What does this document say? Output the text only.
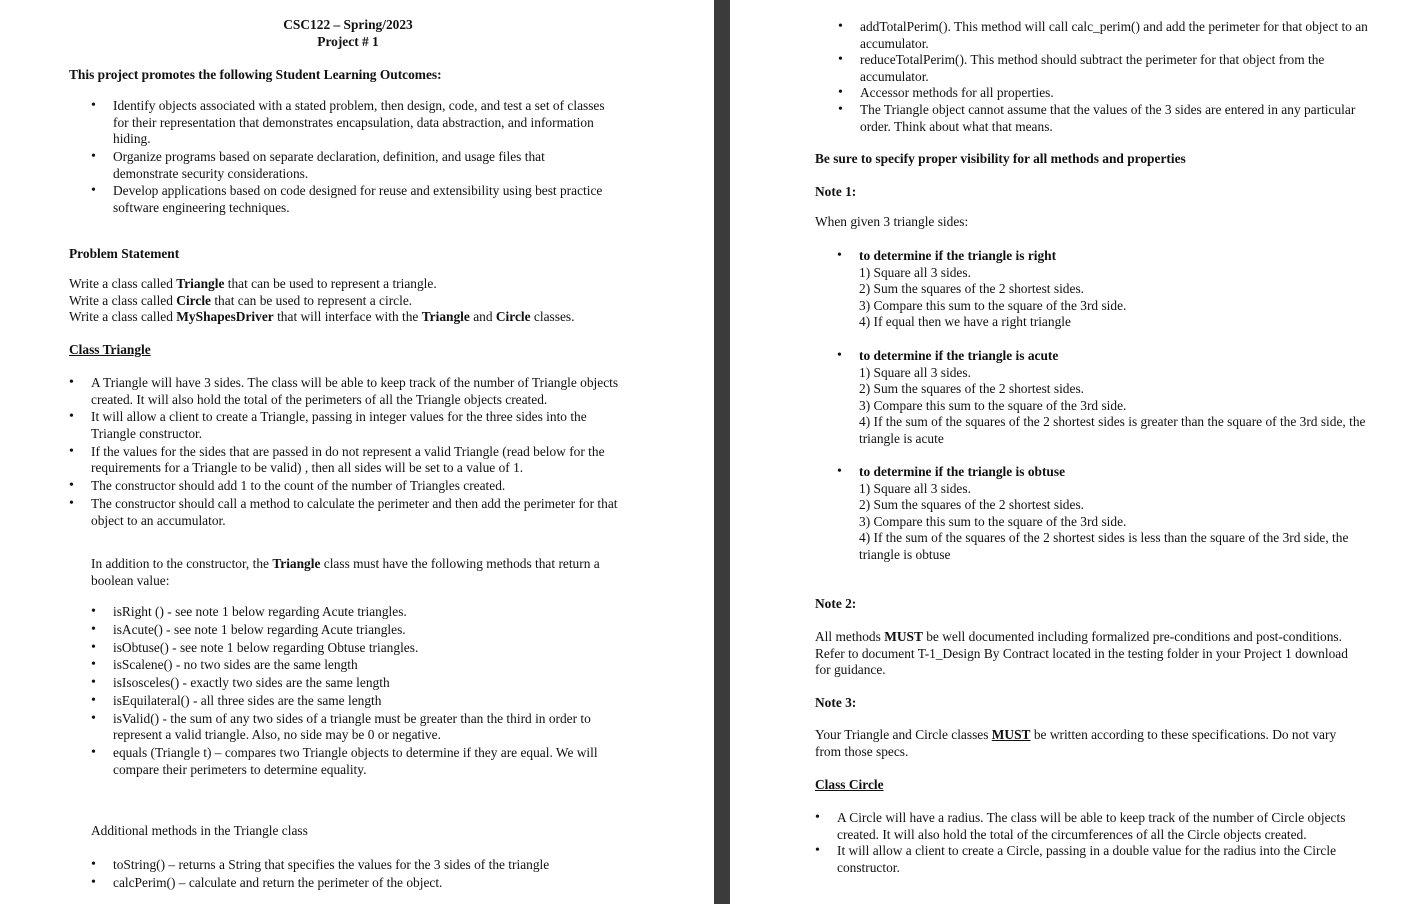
CSC122 – Spring/2023
Project # 1
This project promotes the following Student Learning Outcomes:
• Identify objects associated with a stated problem, then design, code, and test a set of classes for their representation that demonstrates encapsulation, data abstraction, and information hiding.
• Organize programs based on separate declaration, definition, and usage files that demonstrate security considerations.
• Develop applications based on code designed for reuse and extensibility using best practice software engineering techniques.
Problem Statement
Write a class called Triangle that can be used to represent a triangle.
Write a class called Circle that can be used to represent a circle.
Write a class called MyShapesDriver that will interface with the Triangle and Circle classes.
Class Triangle
• A Triangle will have 3 sides. The class will be able to keep track of the number of Triangle objects created. It will also hold the total of the perimeters of all the Triangle objects created.
• It will allow a client to create a Triangle, passing in integer values for the three sides into the Triangle constructor.
• If the values for the sides that are passed in do not represent a valid Triangle (read below for the requirements for a Triangle to be valid) , then all sides will be set to a value of 1.
• The constructor should add 1 to the count of the number of Triangles created.
• The constructor should call a method to calculate the perimeter and then add the perimeter for that object to an accumulator.
In addition to the constructor, the Triangle class must have the following methods that return a boolean value:
• isRight () - see note 1 below regarding Acute triangles.
• isAcute() - see note 1 below regarding Acute triangles.
• isObtuse() - see note 1 below regarding Obtuse triangles.
• isScalene() - no two sides are the same length
• isIsosceles() - exactly two sides are the same length
• isEquilateral() - all three sides are the same length
• isValid() - the sum of any two sides of a triangle must be greater than the third in order to represent a valid triangle. Also, no side may be 0 or negative.
• equals (Triangle t) – compares two Triangle objects to determine if they are equal. We will compare their perimeters to determine equality.
Additional methods in the Triangle class
• toString() – returns a String that specifies the values for the 3 sides of the triangle
• calcPerim() – calculate and return the perimeter of the object.
• addTotalPerim(). This method will call calc_perim() and add the perimeter for that object to an accumulator.
• reduceTotalPerim(). This method should subtract the perimeter for that object from the accumulator.
• Accessor methods for all properties.
• The Triangle object cannot assume that the values of the 3 sides are entered in any particular order. Think about what that means.
Be sure to specify proper visibility for all methods and properties
Note 1:
When given 3 triangle sides:
• to determine if the triangle is right
1) Square all 3 sides.
2) Sum the squares of the 2 shortest sides.
3) Compare this sum to the square of the 3rd side.
4) If equal then we have a right triangle
• to determine if the triangle is acute
1) Square all 3 sides.
2) Sum the squares of the 2 shortest sides.
3) Compare this sum to the square of the 3rd side.
4) If the sum of the squares of the 2 shortest sides is greater than the square of the 3rd side, the triangle is acute
• to determine if the triangle is obtuse
1) Square all 3 sides.
2) Sum the squares of the 2 shortest sides.
3) Compare this sum to the square of the 3rd side.
4) If the sum of the squares of the 2 shortest sides is less than the square of the 3rd side, the triangle is obtuse
Note 2:
All methods MUST be well documented including formalized pre-conditions and post-conditions. Refer to document T-1_Design By Contract located in the testing folder in your Project 1 download for guidance.
Note 3:
Your Triangle and Circle classes MUST be written according to these specifications. Do not vary from those specs.
Class Circle
• A Circle will have a radius. The class will be able to keep track of the number of Circle objects created. It will also hold the total of the circumferences of all the Circle objects created.
• It will allow a client to create a Circle, passing in a double value for the radius into the Circle constructor.
